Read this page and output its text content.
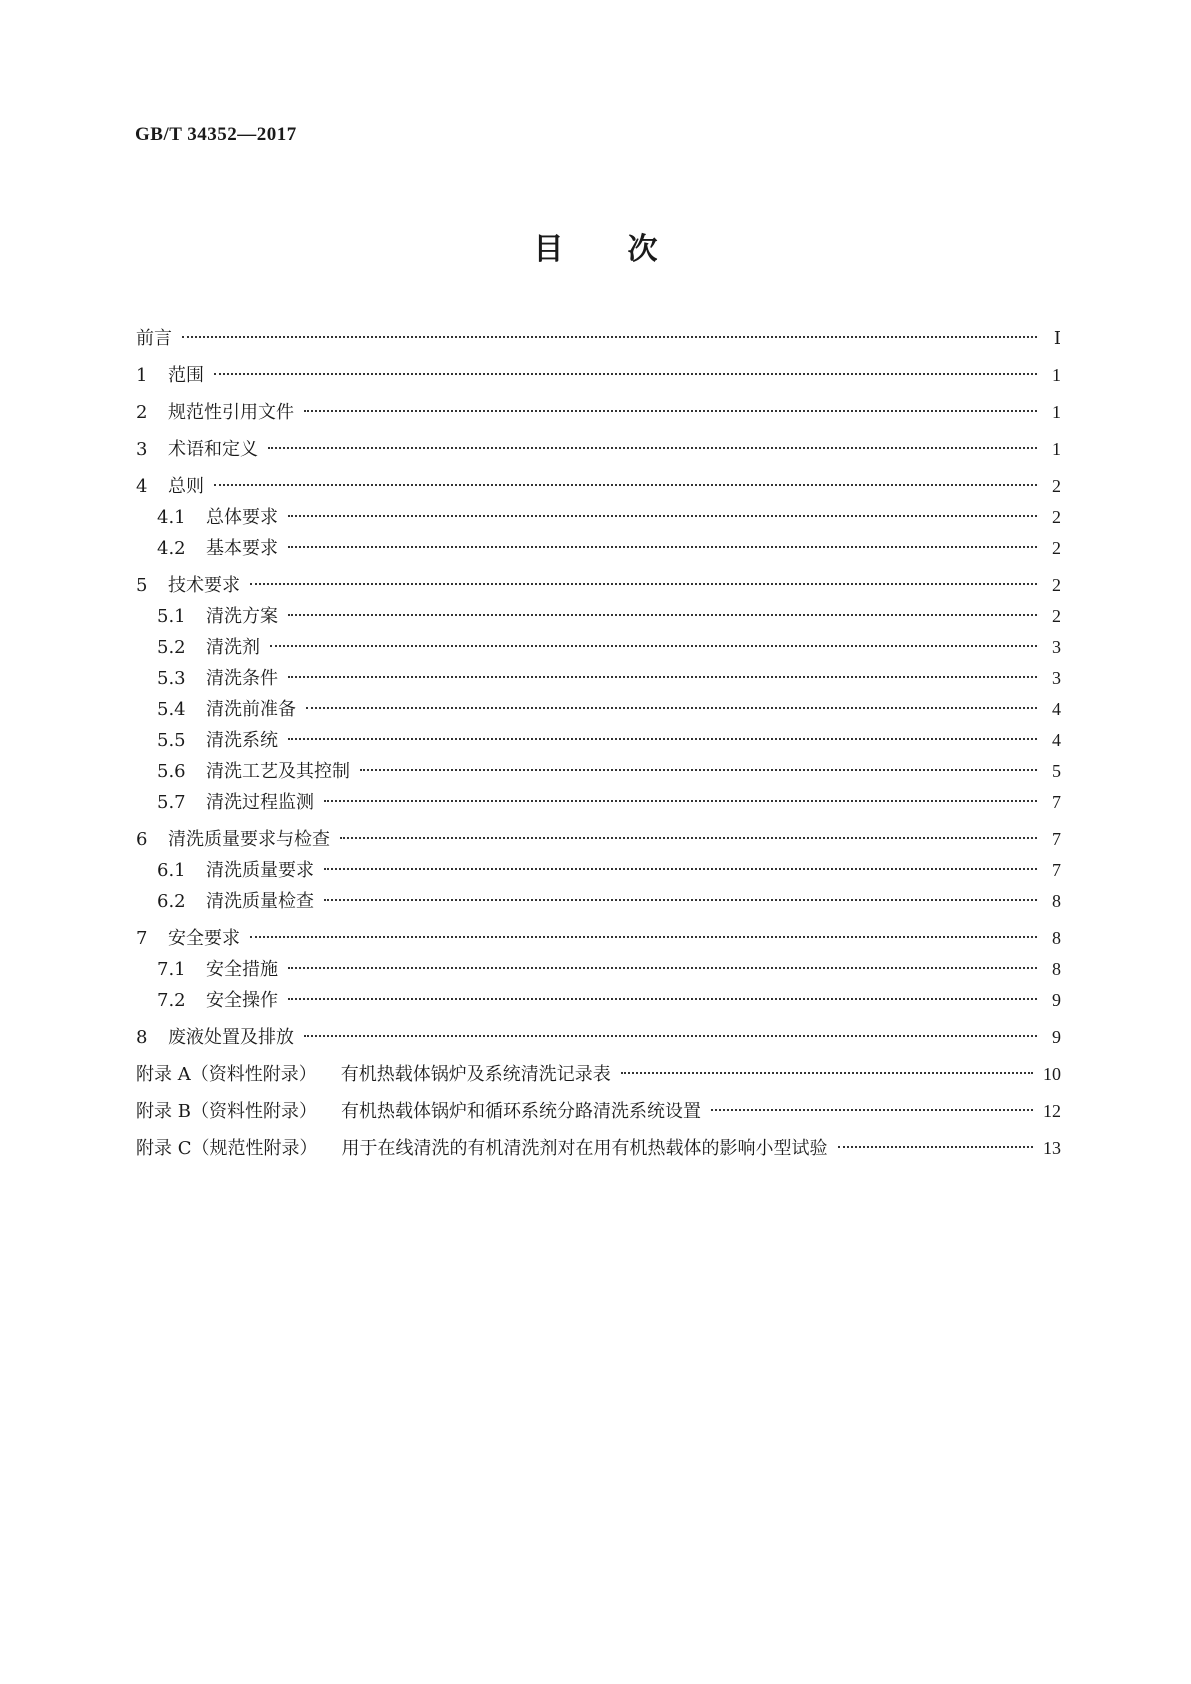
GB/T 34352—2017
目次
前言	Ⅰ
1	范围	1
2	规范性引用文件	1
3	术语和定义	1
4	总则	2
4.1	总体要求	2
4.2	基本要求	2
5	技术要求	2
5.1	清洗方案	2
5.2	清洗剂	3
5.3	清洗条件	3
5.4	清洗前准备	4
5.5	清洗系统	4
5.6	清洗工艺及其控制	5
5.7	清洗过程监测	7
6	清洗质量要求与检查	7
6.1	清洗质量要求	7
6.2	清洗质量检查	8
7	安全要求	8
7.1	安全措施	8
7.2	安全操作	9
8	废液处置及排放	9
附录 A（资料性附录） 有机热载体锅炉及系统清洗记录表	10
附录 B（资料性附录） 有机热载体锅炉和循环系统分路清洗系统设置	12
附录 C（规范性附录） 用于在线清洗的有机清洗剂对在用有机热载体的影响小型试验	13
